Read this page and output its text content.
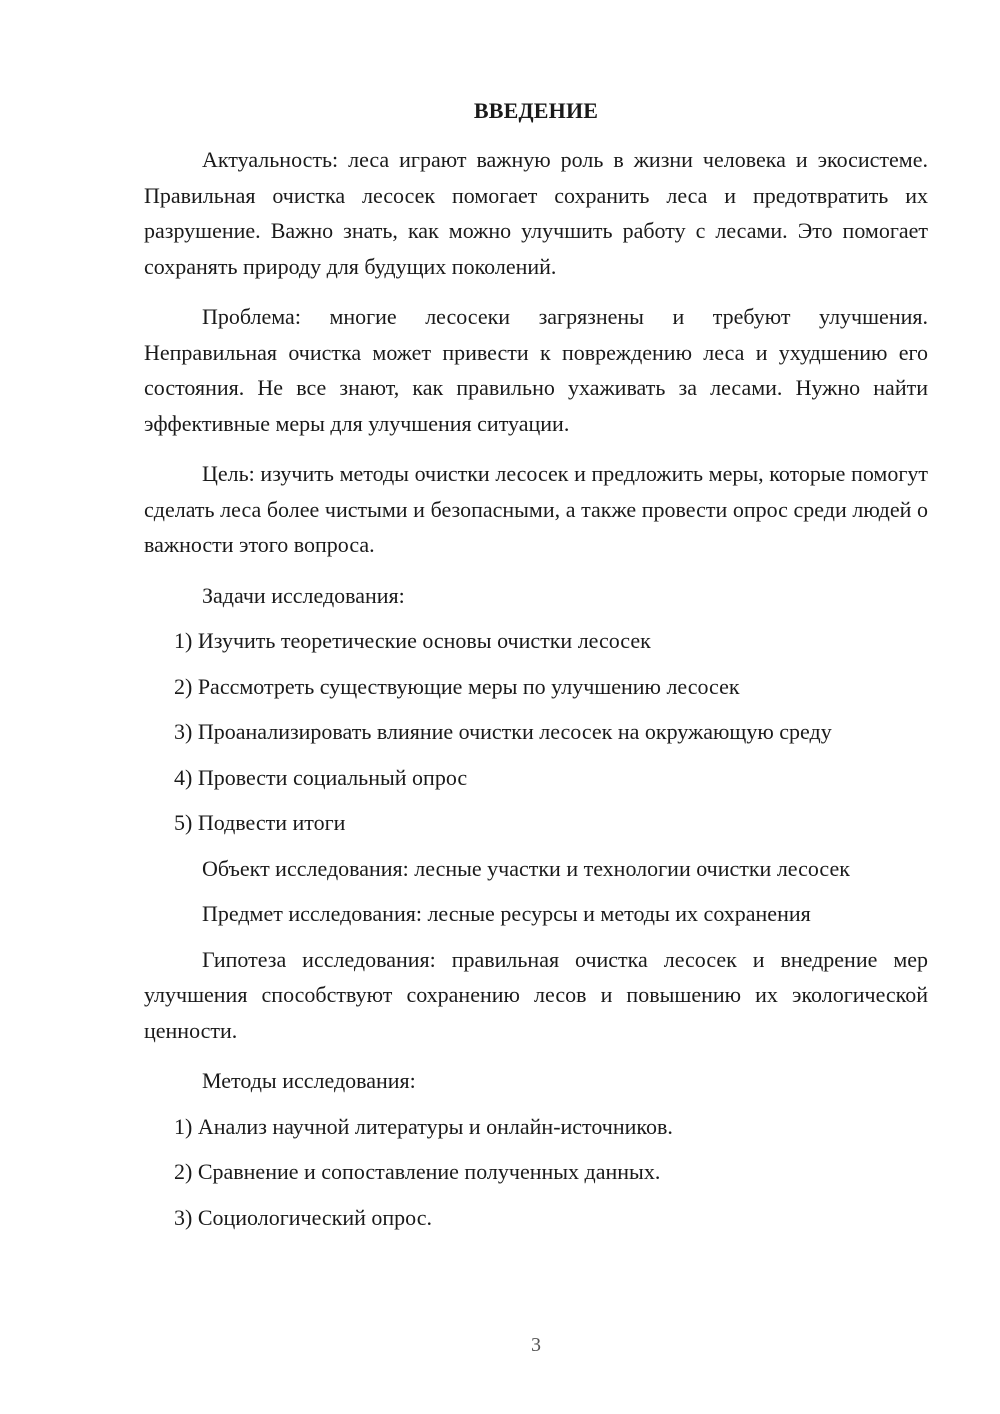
ВВЕДЕНИЕ

Актуальность: леса играют важную роль в жизни человека и экосистеме. Правильная очистка лесосек помогает сохранить леса и предотвратить их разрушение. Важно знать, как можно улучшить работу с лесами. Это помогает сохранять природу для будущих поколений.

Проблема: многие лесосеки загрязнены и требуют улучшения. Неправильная очистка может привести к повреждению леса и ухудшению его состояния. Не все знают, как правильно ухаживать за лесами. Нужно найти эффективные меры для улучшения ситуации.

Цель: изучить методы очистки лесосек и предложить меры, которые помогут сделать леса более чистыми и безопасными, а также провести опрос среди людей о важности этого вопроса.

Задачи исследования:

1) Изучить теоретические основы очистки лесосек
2) Рассмотреть существующие меры по улучшению лесосек
3) Проанализировать влияние очистки лесосек на окружающую среду
4) Провести социальный опрос
5) Подвести итоги

Объект исследования: лесные участки и технологии очистки лесосек

Предмет исследования: лесные ресурсы и методы их сохранения

Гипотеза исследования: правильная очистка лесосек и внедрение мер улучшения способствуют сохранению лесов и повышению их экологической ценности.

Методы исследования:

1) Анализ научной литературы и онлайн-источников.
2) Сравнение и сопоставление полученных данных.
3) Социологический опрос.
3
